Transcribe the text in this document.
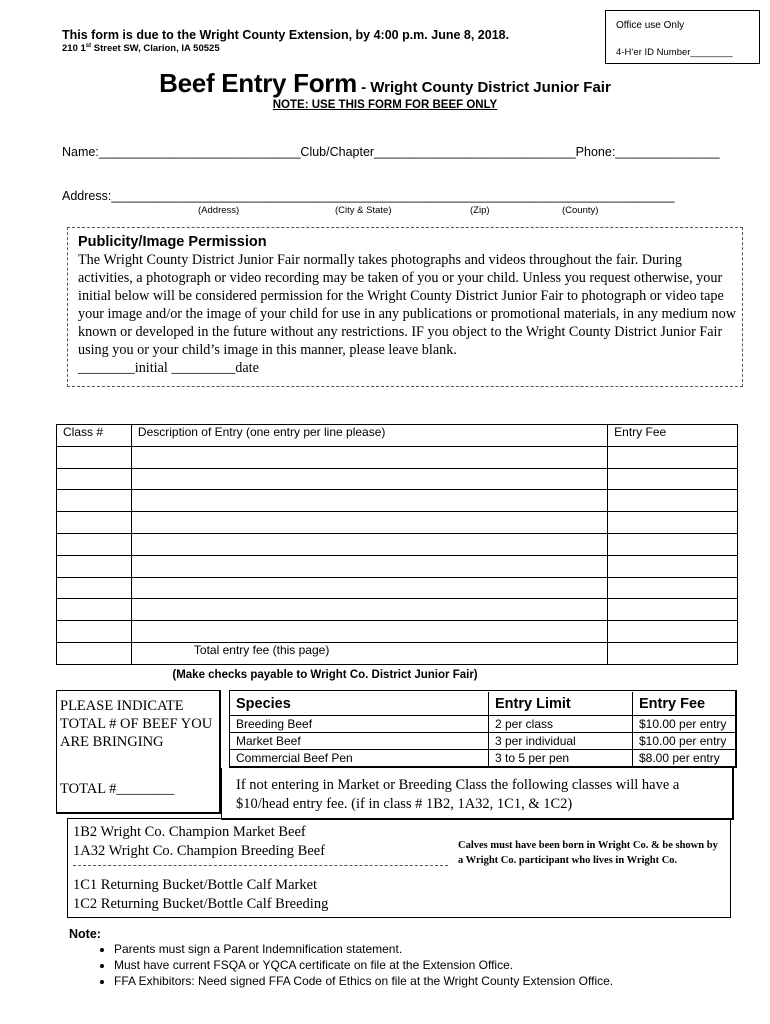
This form is due to the Wright County Extension, by 4:00 p.m. June 8, 2018.
210 1st Street SW, Clarion, IA 50525
Office use Only
4-H’er ID Number________
Beef Entry Form - Wright County District Junior Fair
NOTE: USE THIS FORM FOR BEEF ONLY
Name:_____________________________Club/Chapter_____________________________Phone:_______________
Address:_________________________________________________________________________________
(Address)	(City & State)	(Zip)	(County)
Publicity/Image Permission
The Wright County District Junior Fair normally takes photographs and videos throughout the fair. During activities, a photograph or video recording may be taken of you or your child. Unless you request otherwise, your initial below will be considered permission for the Wright County District Junior Fair to photograph or video tape your image and/or the image of your child for use in any publications or promotional materials, in any medium now known or developed in the future without any restrictions. IF you object to the Wright County District Junior Fair using you or your child’s image in this manner, please leave blank.
________initial _________date
Class #	Description of Entry (one entry per line please)	Entry Fee

	Total entry fee (this page)	
(Make checks payable to Wright Co. District Junior Fair)
PLEASE INDICATE TOTAL # OF BEEF YOU ARE BRINGING
TOTAL #________
Species	Entry Limit	Entry Fee
Breeding Beef	2 per class	$10.00 per entry
Market Beef	3 per individual	$10.00 per entry
Commercial Beef Pen	3 to 5 per pen	$8.00 per entry
If not entering in Market or Breeding Class the following classes will have a $10/head entry fee. (if in class # 1B2, 1A32, 1C1, & 1C2)
1B2 Wright Co. Champion Market Beef
1A32 Wright Co. Champion Breeding Beef
1C1 Returning Bucket/Bottle Calf Market
1C2 Returning Bucket/Bottle Calf Breeding
Calves must have been born in Wright Co. & be shown by a Wright Co. participant who lives in Wright Co.
Note:
• Parents must sign a Parent Indemnification statement.
• Must have current FSQA or YQCA certificate on file at the Extension Office.
• FFA Exhibitors: Need signed FFA Code of Ethics on file at the Wright County Extension Office.
